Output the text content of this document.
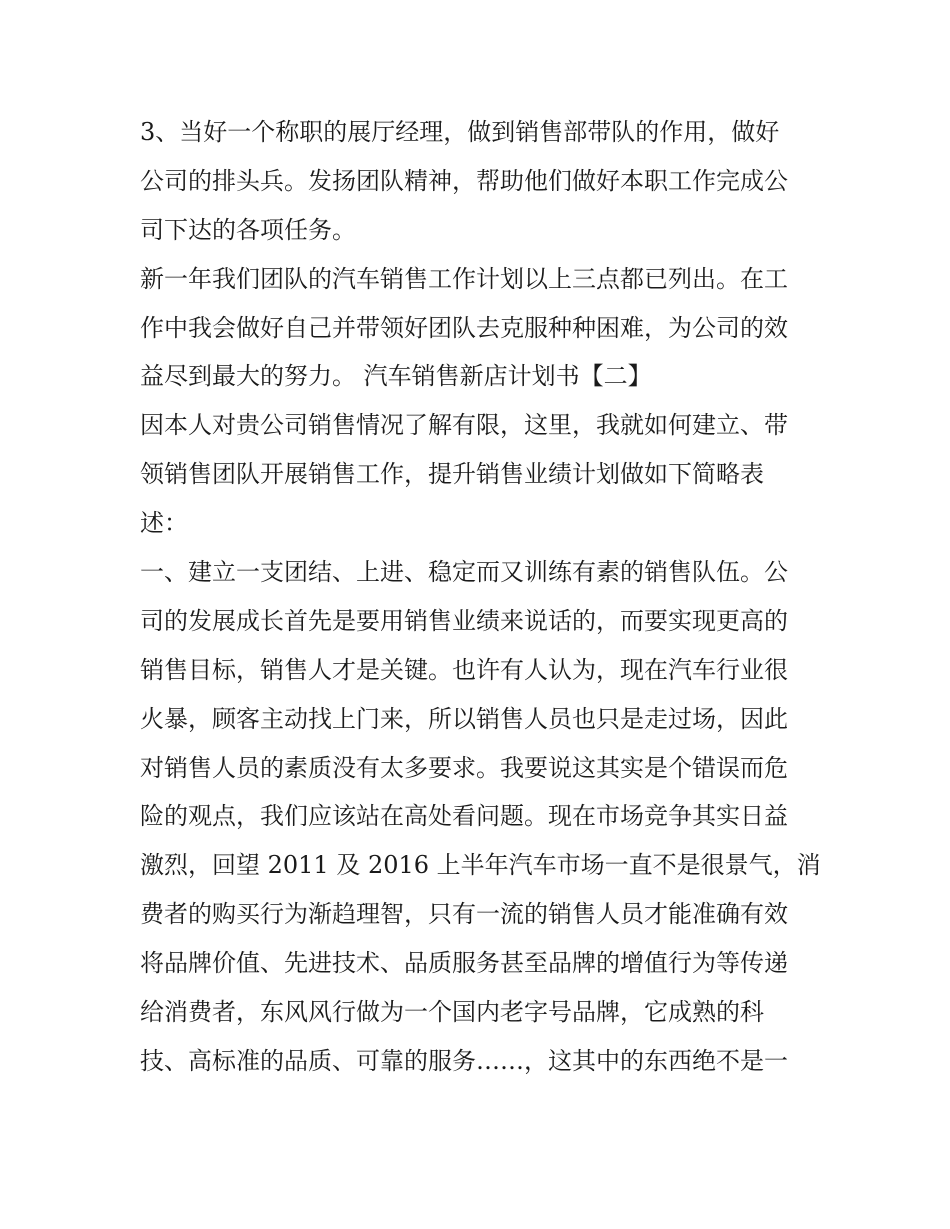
3、当好一个称职的展厅经理，做到销售部带队的作用，做好
公司的排头兵。发扬团队精神，帮助他们做好本职工作完成公
司下达的各项任务。
新一年我们团队的汽车销售工作计划以上三点都已列出。在工
作中我会做好自己并带领好团队去克服种种困难，为公司的效
益尽到最大的努力。 汽车销售新店计划书【二】
因本人对贵公司销售情况了解有限，这里，我就如何建立、带
领销售团队开展销售工作，提升销售业绩计划做如下简略表
述：
一、建立一支团结、上进、稳定而又训练有素的销售队伍。公
司的发展成长首先是要用销售业绩来说话的，而要实现更高的
销售目标，销售人才是关键。也许有人认为，现在汽车行业很
火暴，顾客主动找上门来，所以销售人员也只是走过场，因此
对销售人员的素质没有太多要求。我要说这其实是个错误而危
险的观点，我们应该站在高处看问题。现在市场竞争其实日益
激烈，回望 2011 及 2016 上半年汽车市场一直不是很景气，消
费者的购买行为渐趋理智，只有一流的销售人员才能准确有效
将品牌价值、先进技术、品质服务甚至品牌的增值行为等传递
给消费者，东风风行做为一个国内老字号品牌，它成熟的科
技、高标准的品质、可靠的服务……，这其中的东西绝不是一
